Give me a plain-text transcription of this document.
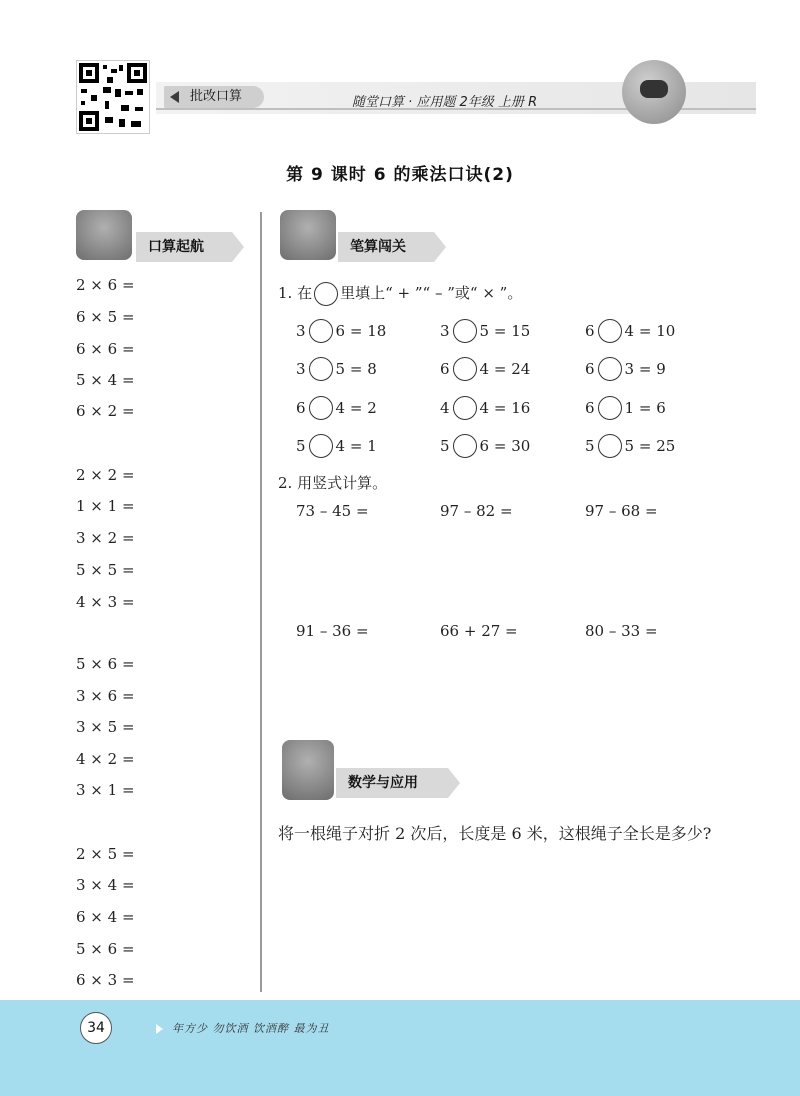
批改口算	随堂口算 · 应用题 2年级 上册 R
第 9 课时 6 的乘法口诀(2)
口算起航
2 × 6 =
6 × 5 =
6 × 6 =
5 × 4 =
6 × 2 =
2 × 2 =
1 × 1 =
3 × 2 =
5 × 5 =
4 × 3 =
5 × 6 =
3 × 6 =
3 × 5 =
4 × 2 =
3 × 1 =
2 × 5 =
3 × 4 =
6 × 4 =
5 × 6 =
6 × 3 =
笔算闯关
1. 在 里填上“ + ”“ – ”或“ × ”。
3 6 = 18	3 5 = 15	6 4 = 10
3 5 = 8	6 4 = 24	6 3 = 9
6 4 = 2	4 4 = 16	6 1 = 6
5 4 = 1	5 6 = 30	5 5 = 25
2. 用竖式计算。
73 – 45 =	97 – 82 =	97 – 68 =
91 – 36 =	66 + 27 =	80 – 33 =
数学与应用
将一根绳子对折 2 次后，长度是 6 米，这根绳子全长是多少?
34	年方少 勿饮酒 饮酒醉 最为丑
